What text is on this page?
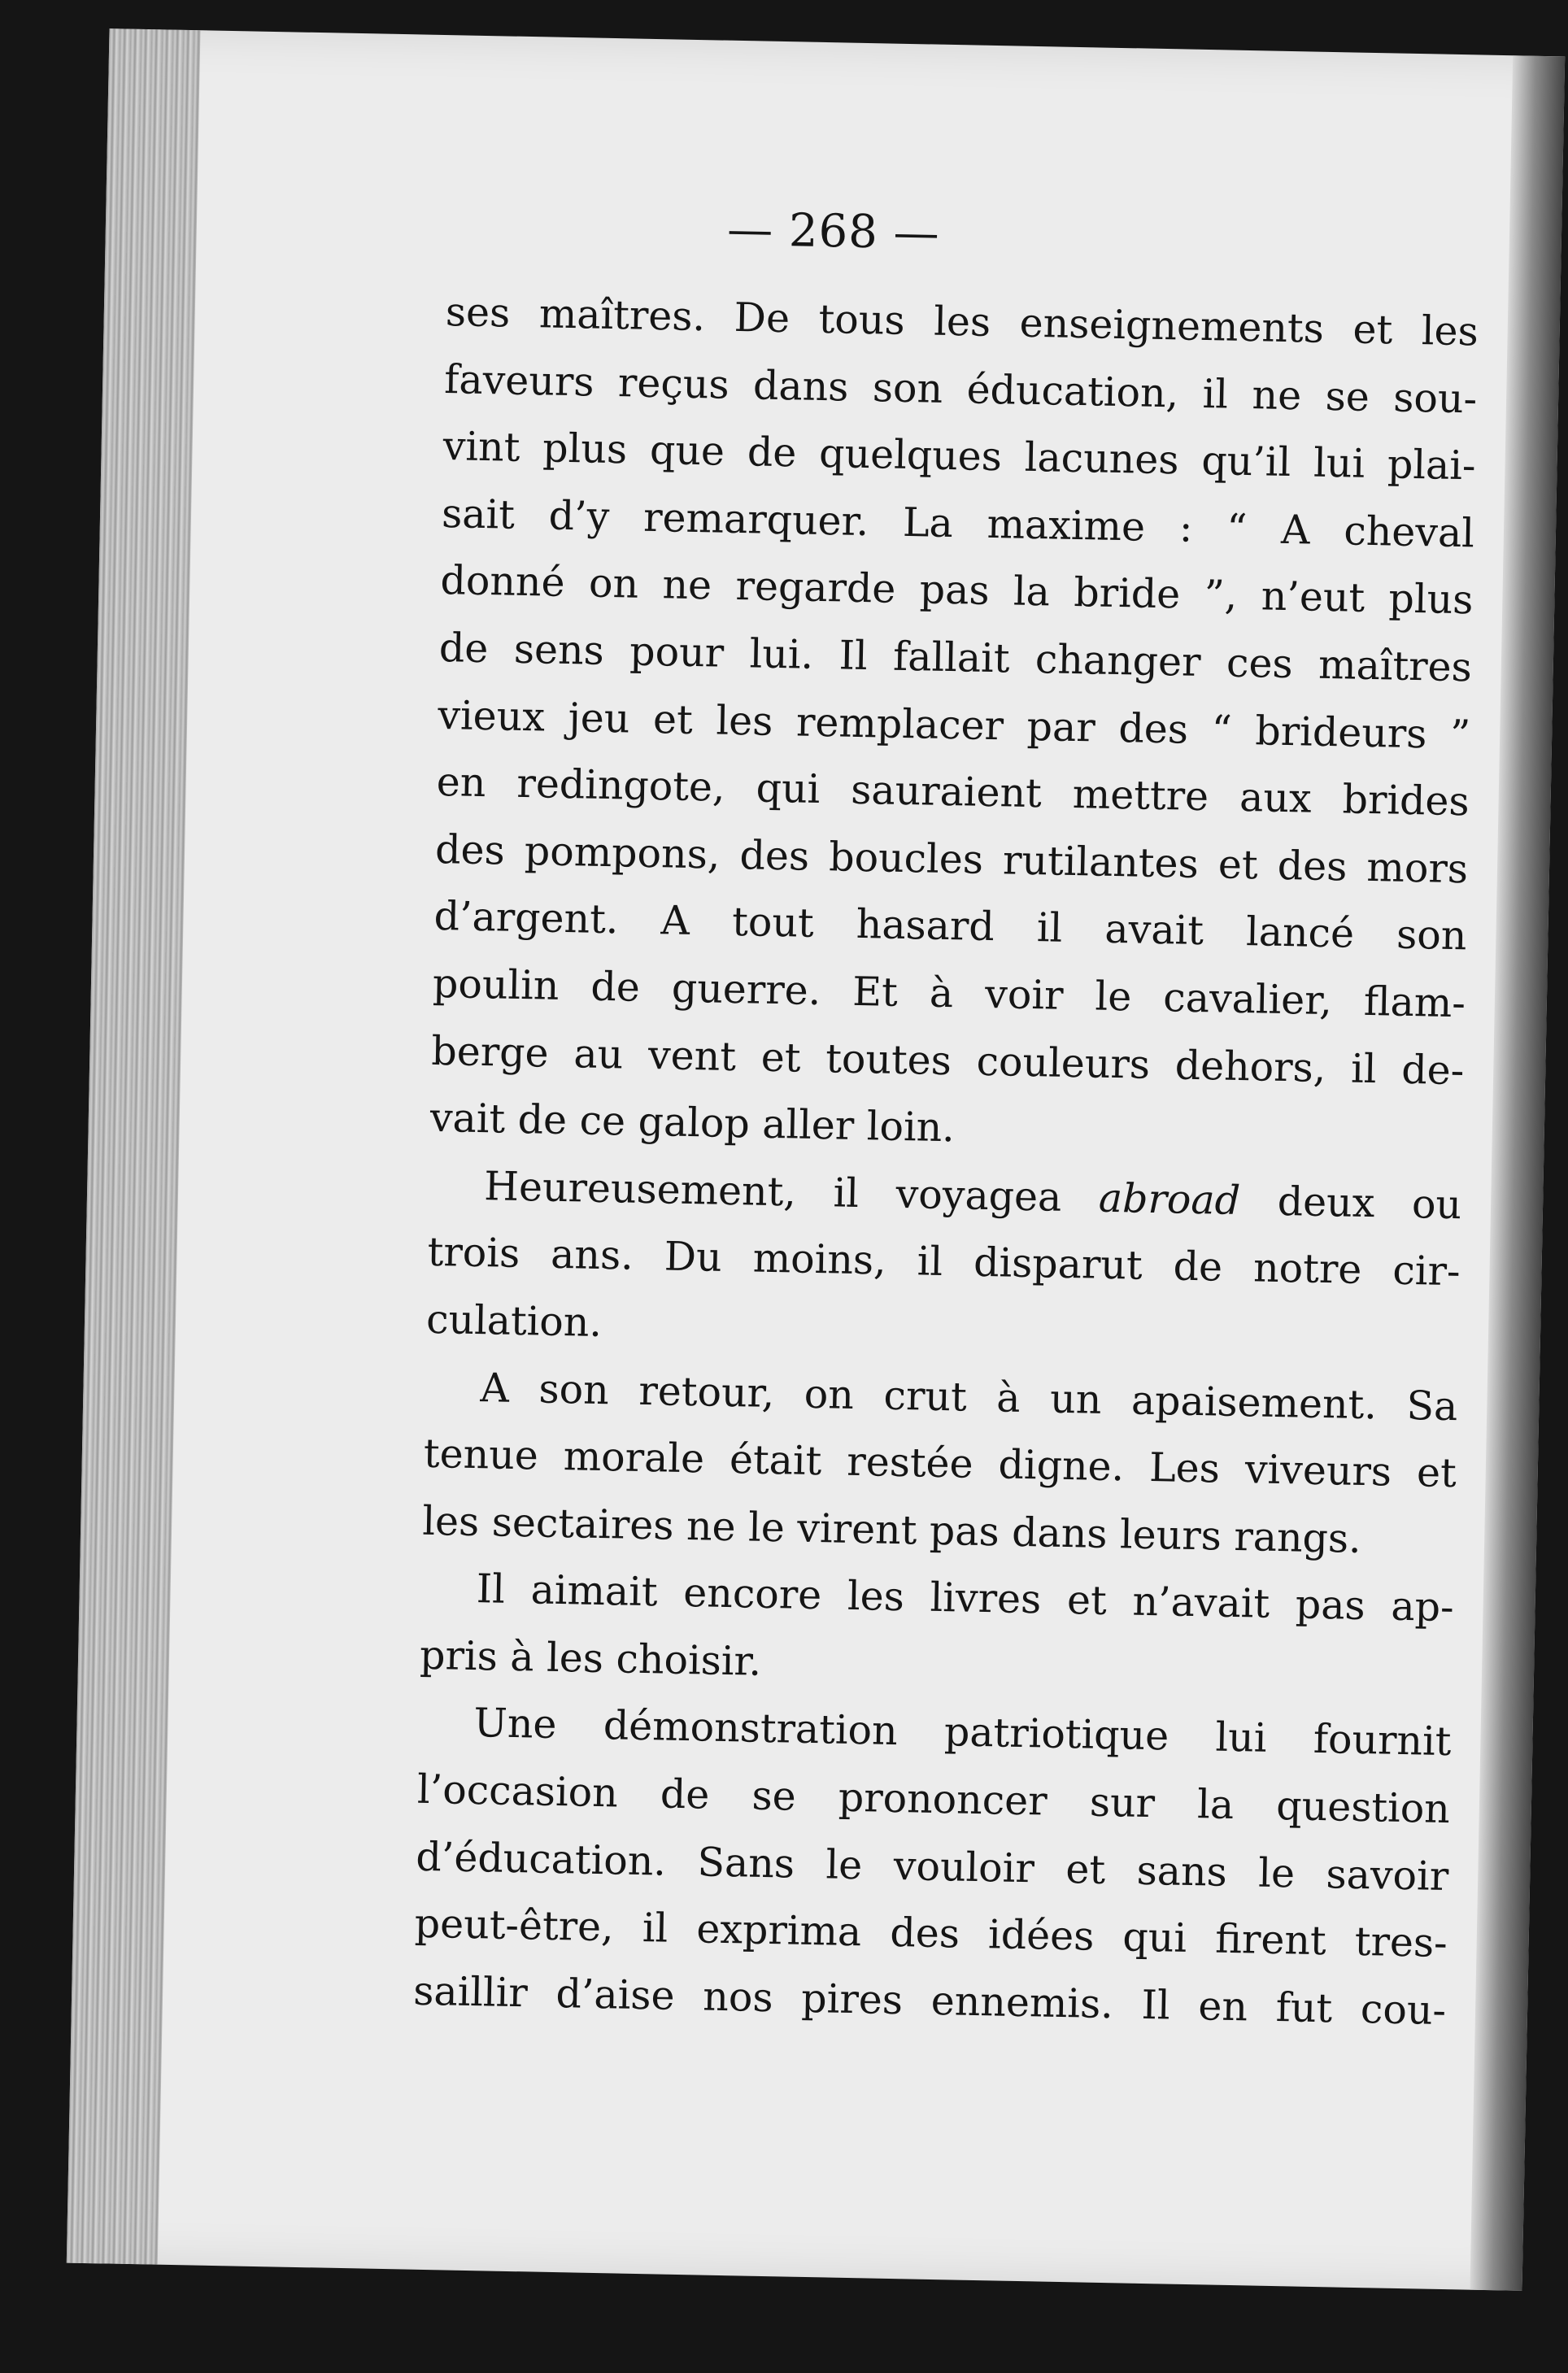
— 268 —

ses maîtres. De tous les enseignements et les
faveurs reçus dans son éducation, il ne se sou-
vint plus que de quelques lacunes qu’il lui plai-
sait d’y remarquer. La maxime : “ A cheval
donné on ne regarde pas la bride ”, n’eut plus
de sens pour lui. Il fallait changer ces maîtres
vieux jeu et les remplacer par des “ brideurs ”
en redingote, qui sauraient mettre aux brides
des pompons, des boucles rutilantes et des mors
d’argent. A tout hasard il avait lancé son
poulin de guerre. Et à voir le cavalier, flam-
berge au vent et toutes couleurs dehors, il de-
vait de ce galop aller loin.

Heureusement, il voyagea abroad deux ou
trois ans. Du moins, il disparut de notre cir-
culation.

A son retour, on crut à un apaisement. Sa
tenue morale était restée digne. Les viveurs et
les sectaires ne le virent pas dans leurs rangs.

Il aimait encore les livres et n’avait pas ap-
pris à les choisir.

Une démonstration patriotique lui fournit
l’occasion de se prononcer sur la question
d’éducation. Sans le vouloir et sans le savoir
peut-être, il exprima des idées qui firent tres-
saillir d’aise nos pires ennemis. Il en fut cou-
